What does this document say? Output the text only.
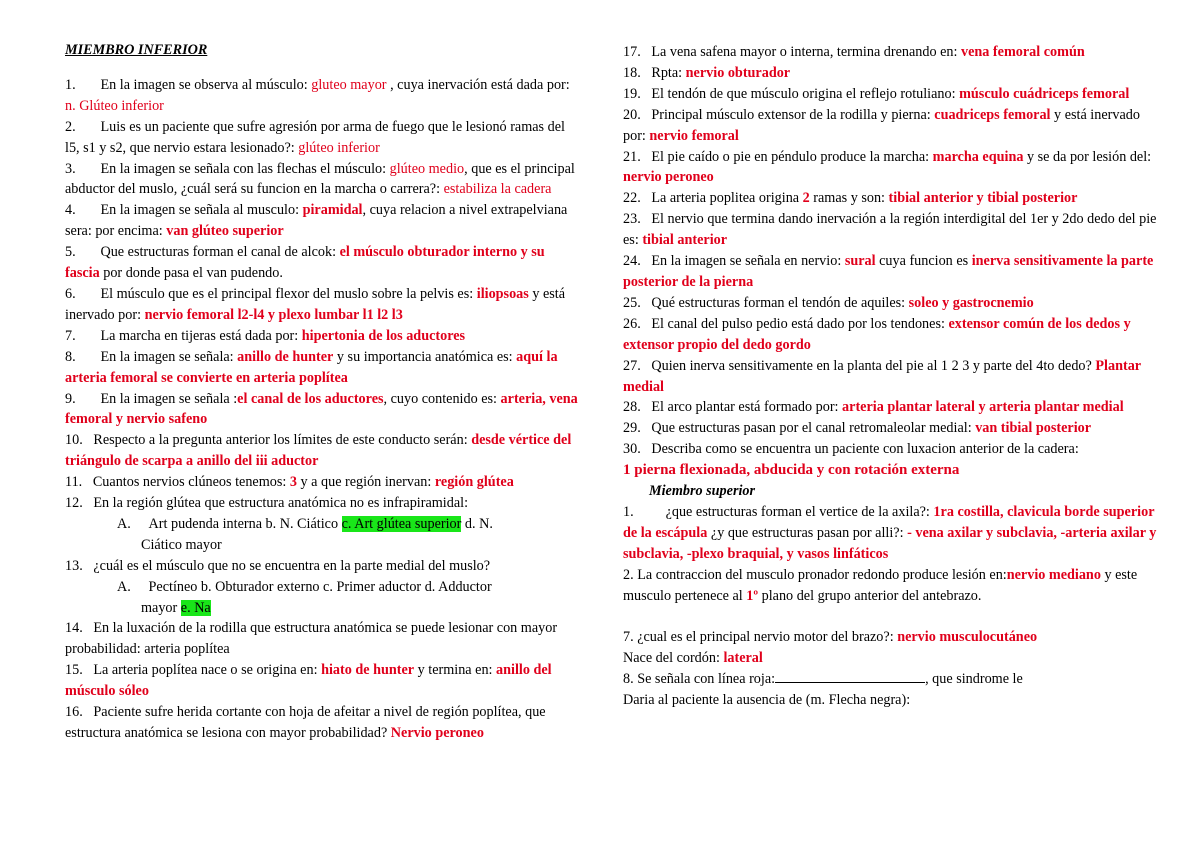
MIEMBRO INFERIOR

1.       En la imagen se observa al músculo: gluteo mayor , cuya inervación está dada por: n. Glúteo inferior

2.       Luis es un paciente que sufre agresión por arma de fuego que le lesionó ramas del l5, s1 y s2, que nervio estara lesionado?: glúteo inferior

3.       En la imagen se señala con las flechas el músculo: glúteo medio, que es el principal abductor del muslo, ¿cuál será su funcion en la marcha o carrera?: estabiliza la cadera

4.       En la imagen se señala al musculo: piramidal, cuya relacion a nivel extrapelviana sera: por encima: van glúteo superior

5.       Que estructuras forman el canal de alcok: el músculo obturador interno y su fascia por donde pasa el van pudendo.

6.       El músculo que es el principal flexor del muslo sobre la pelvis es: iliopsoas y está inervado por: nervio femoral l2-l4 y plexo lumbar l1 l2 l3

7.       La marcha en tijeras está dada por: hipertonia de los aductores

8.       En la imagen se señala: anillo de hunter y su importancia anatómica es: aquí la arteria femoral se convierte en arteria poplítea

9.       En la imagen se señala :el canal de los aductores, cuyo contenido es: arteria, vena femoral y nervio safeno

10.   Respecto a la pregunta anterior los límites de este conducto serán: desde vértice del triángulo de scarpa a anillo del iii aductor

11.   Cuantos nervios clúneos tenemos: 3 y a que región inervan: región glútea

12.   En la región glútea que estructura anatómica no es infrapiramidal:

A.     Art pudenda interna b. N. Ciático c. Art glútea superior d. N.

Ciático mayor

13.   ¿cuál es el músculo que no se encuentra en la parte medial del muslo?

A.     Pectíneo b. Obturador externo c. Primer aductor d. Adductor

mayor e. Na

14.   En la luxación de la rodilla que estructura anatómica se puede lesionar con mayor probabilidad: arteria poplítea

15.   La arteria poplítea nace o se origina en: hiato de hunter y termina en: anillo del músculo sóleo

16.   Paciente sufre herida cortante con hoja de afeitar a nivel de región poplítea, que estructura anatómica se lesiona con mayor probabilidad? Nervio peroneo

17.   La vena safena mayor o interna, termina drenando en: vena femoral común

18.   Rpta: nervio obturador

19.   El tendón de que músculo origina el reflejo rotuliano: músculo cuádriceps femoral

20.   Principal músculo extensor de la rodilla y pierna: cuadriceps femoral y está inervado por: nervio femoral

21.   El pie caído o pie en péndulo produce la marcha: marcha equina y se da por lesión del: nervio peroneo

22.   La arteria poplitea origina 2 ramas y son: tibial anterior y tibial posterior

23.   El nervio que termina dando inervación a la región interdigital del 1er y 2do dedo del pie es: tibial anterior

24.   En la imagen se señala en nervio: sural cuya funcion es inerva sensitivamente la parte posterior de la pierna

25.   Qué estructuras forman el tendón de aquiles: soleo y gastrocnemio

26.   El canal del pulso pedio está dado por los tendones: extensor común de los dedos y extensor propio del dedo gordo

27.   Quien inerva sensitivamente en la planta del pie al 1 2 3 y parte del 4to dedo? Plantar medial

28.   El arco plantar está formado por: arteria plantar lateral y arteria plantar medial

29.   Que estructuras pasan por el canal retromaleolar medial: van tibial posterior

30.   Describa como se encuentra un paciente con luxacion anterior de la cadera:

1 pierna flexionada, abducida y con rotación externa

Miembro superior

1.         ¿que estructuras forman el vertice de la axila?: 1ra costilla, clavicula borde superior de la escápula ¿y que estructuras pasan por alli?: - vena axilar y subclavia, -arteria axilar y subclavia, -plexo braquial, y vasos linfáticos

2. La contraccion del musculo pronador redondo produce lesión en:nervio mediano y este musculo pertenece al 1º plano del grupo anterior del antebrazo.

7. ¿cual es el principal nervio motor del brazo?: nervio musculocutáneo

Nace del cordón: lateral

8. Se señala con línea roja:	, que sindrome le

Daria al paciente la ausencia de (m. Flecha negra):
